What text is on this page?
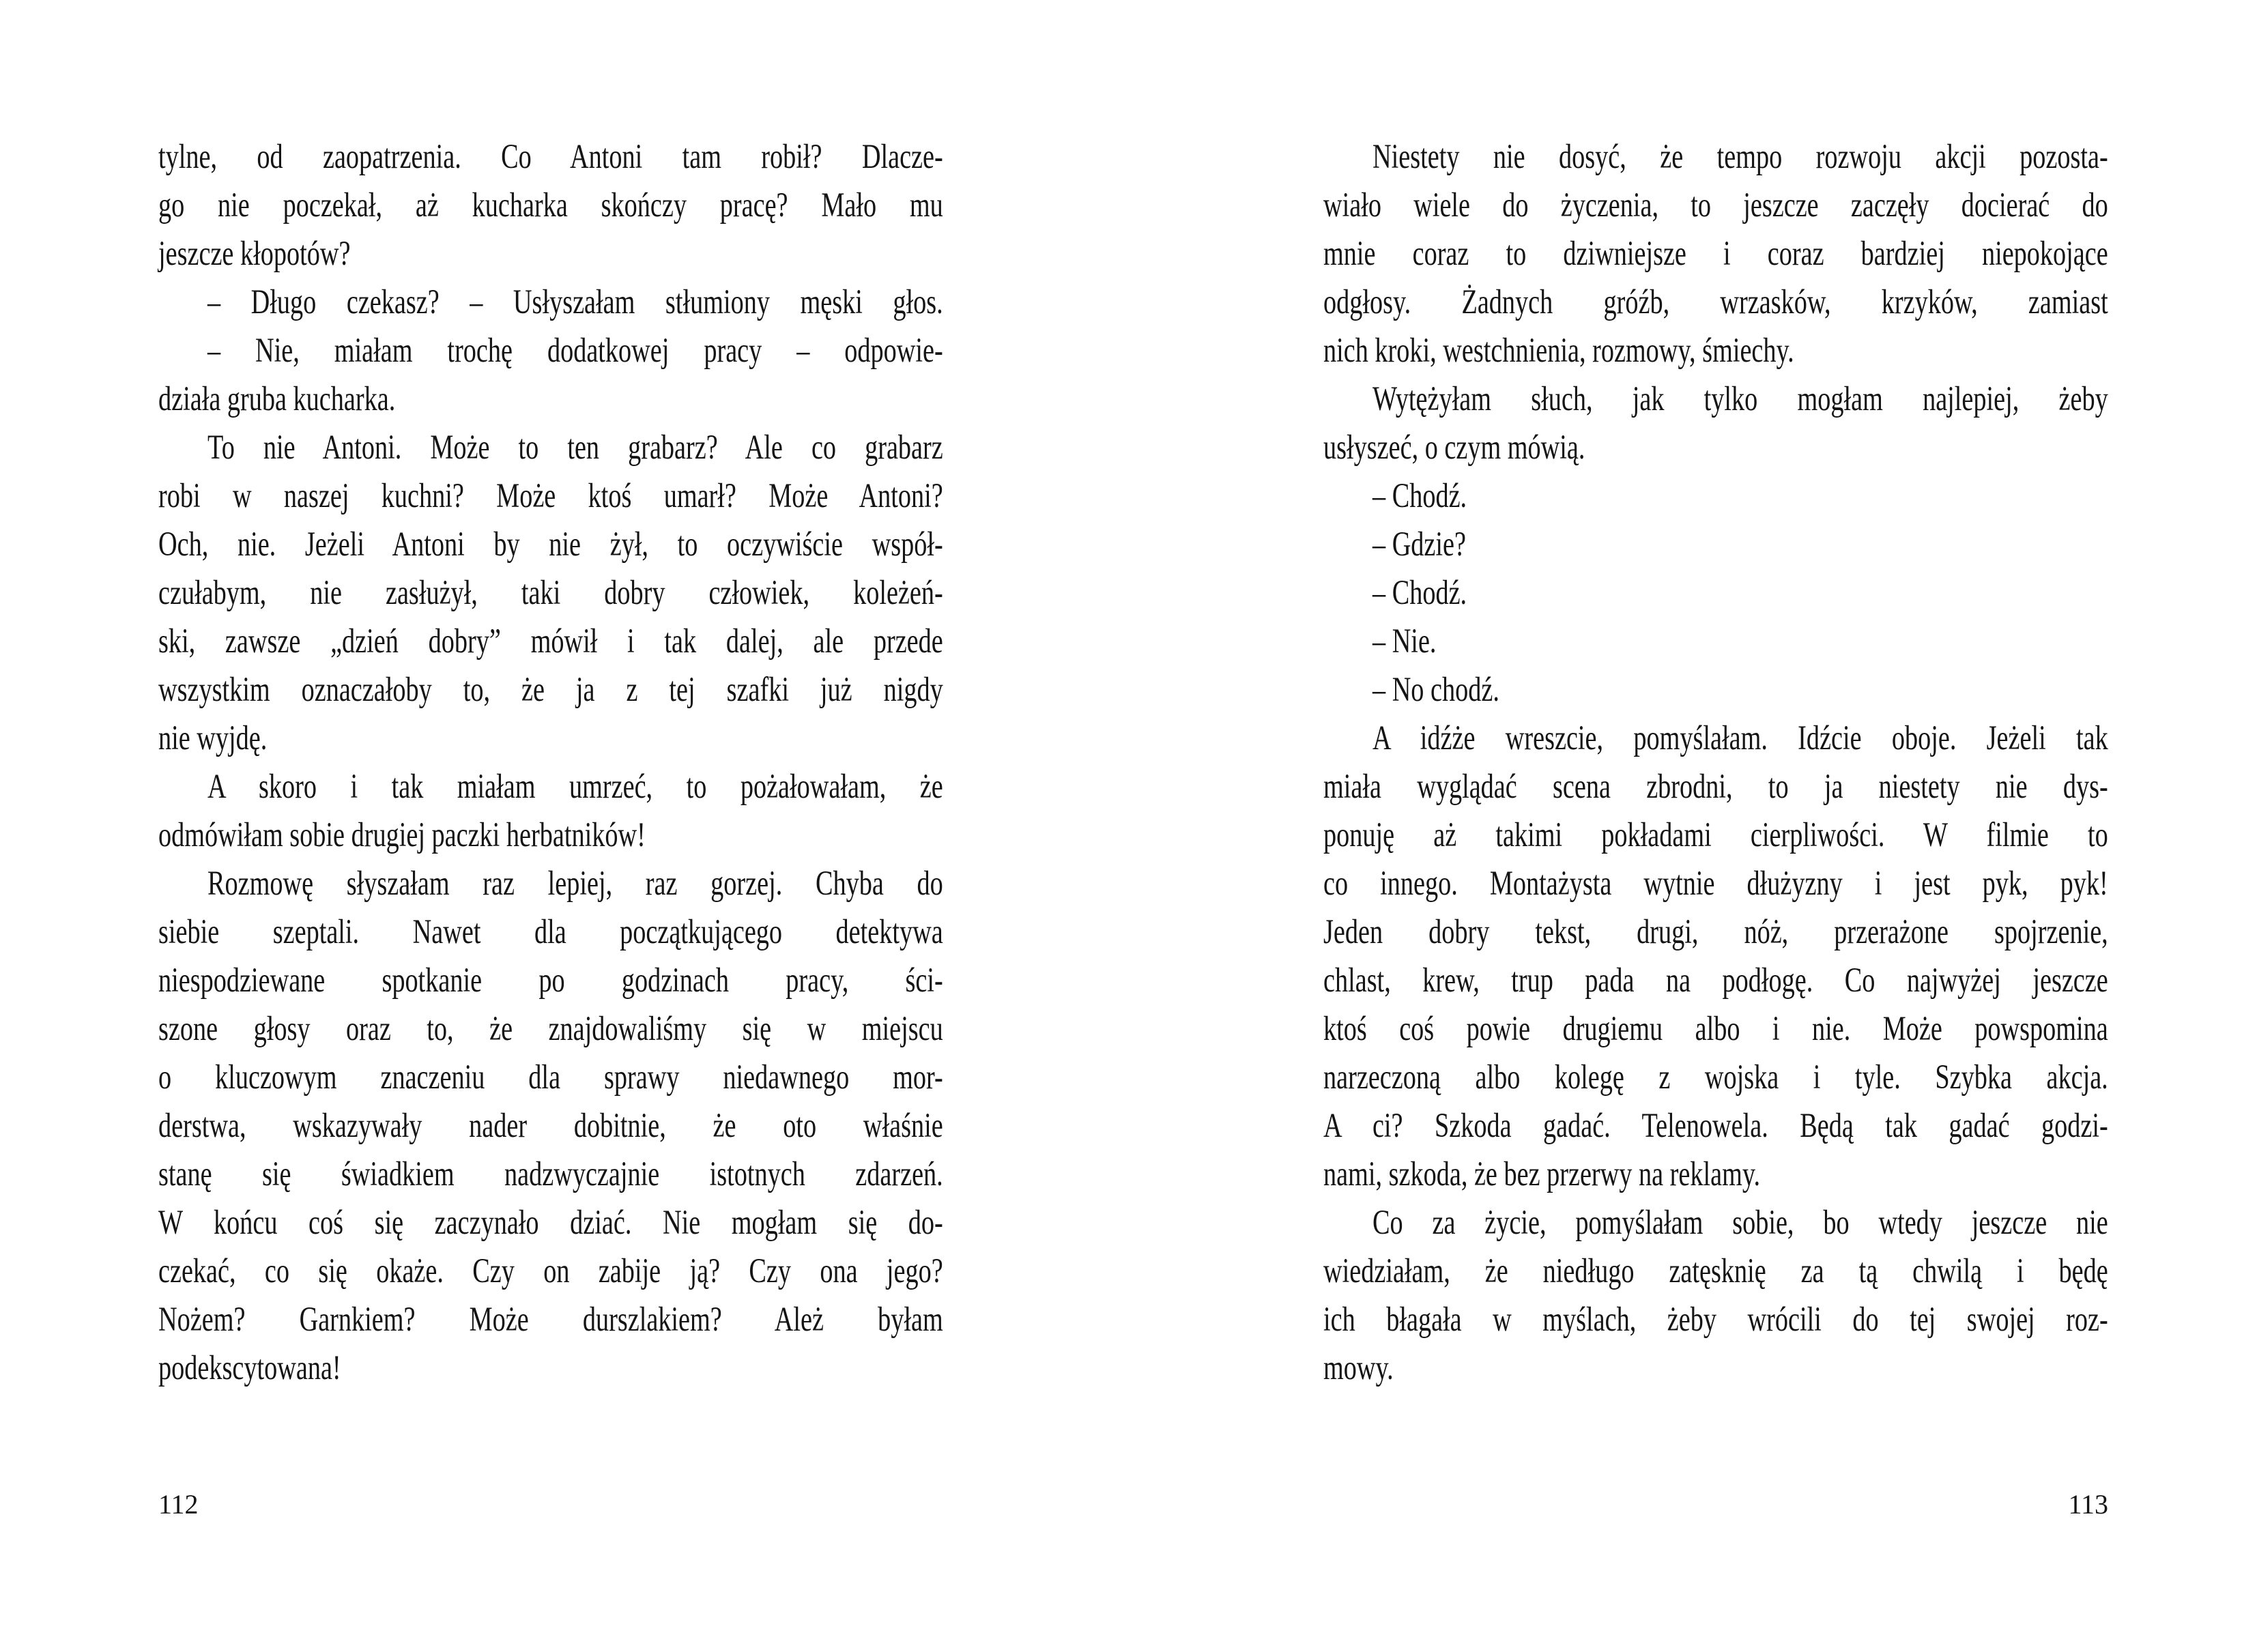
tylne, od zaopatrzenia. Co Antoni tam robił? Dlacze-
go nie poczekał, aż kucharka skończy pracę? Mało mu
jeszcze kłopotów?
– Długo czekasz? – Usłyszałam stłumiony męski głos.
– Nie, miałam trochę dodatkowej pracy – odpowie-
działa gruba kucharka.
To nie Antoni. Może to ten grabarz? Ale co grabarz
robi w naszej kuchni? Może ktoś umarł? Może Antoni?
Och, nie. Jeżeli Antoni by nie żył, to oczywiście współ-
czułabym, nie zasłużył, taki dobry człowiek, koleżeń-
ski, zawsze „dzień dobry” mówił i tak dalej, ale przede
wszystkim oznaczałoby to, że ja z tej szafki już nigdy
nie wyjdę.
A skoro i tak miałam umrzeć, to pożałowałam, że
odmówiłam sobie drugiej paczki herbatników!
Rozmowę słyszałam raz lepiej, raz gorzej. Chyba do
siebie szeptali. Nawet dla początkującego detektywa
niespodziewane spotkanie po godzinach pracy, ści-
szone głosy oraz to, że znajdowaliśmy się w miejscu
o kluczowym znaczeniu dla sprawy niedawnego mor-
derstwa, wskazywały nader dobitnie, że oto właśnie
stanę się świadkiem nadzwyczajnie istotnych zdarzeń.
W końcu coś się zaczynało dziać. Nie mogłam się do-
czekać, co się okaże. Czy on zabije ją? Czy ona jego?
Nożem? Garnkiem? Może durszlakiem? Ależ byłam
podekscytowana!
Niestety nie dosyć, że tempo rozwoju akcji pozosta-
wiało wiele do życzenia, to jeszcze zaczęły docierać do
mnie coraz to dziwniejsze i coraz bardziej niepokojące
odgłosy. Żadnych gróźb, wrzasków, krzyków, zamiast
nich kroki, westchnienia, rozmowy, śmiechy.
Wytężyłam słuch, jak tylko mogłam najlepiej, żeby
usłyszeć, o czym mówią.
– Chodź.
– Gdzie?
– Chodź.
– Nie.
– No chodź.
A idźże wreszcie, pomyślałam. Idźcie oboje. Jeżeli tak
miała wyglądać scena zbrodni, to ja niestety nie dys-
ponuję aż takimi pokładami cierpliwości. W filmie to
co innego. Montażysta wytnie dłużyzny i jest pyk, pyk!
Jeden dobry tekst, drugi, nóż, przerażone spojrzenie,
chlast, krew, trup pada na podłogę. Co najwyżej jeszcze
ktoś coś powie drugiemu albo i nie. Może powspomina
narzeczoną albo kolegę z wojska i tyle. Szybka akcja.
A ci? Szkoda gadać. Telenowela. Będą tak gadać godzi-
nami, szkoda, że bez przerwy na reklamy.
Co za życie, pomyślałam sobie, bo wtedy jeszcze nie
wiedziałam, że niedługo zatęsknię za tą chwilą i będę
ich błagała w myślach, żeby wrócili do tej swojej roz-
mowy.
112	113
